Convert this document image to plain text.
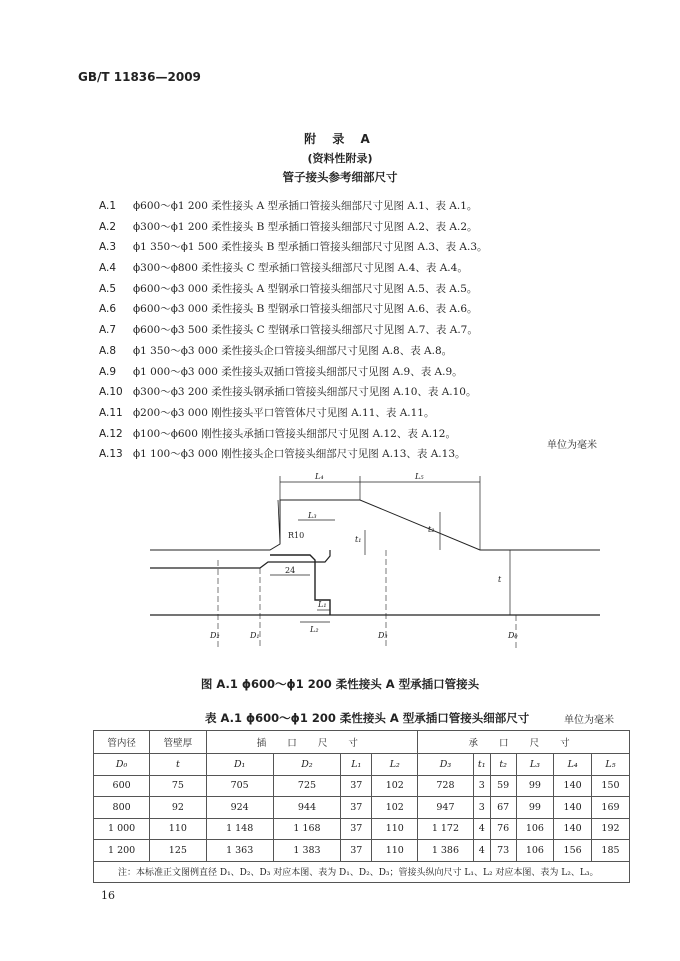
GB/T 11836—2009
附 录 A
(资料性附录)
管子接头参考细部尺寸
A.1 ϕ600～ϕ1 200 柔性接头 A 型承插口管接头细部尺寸见图 A.1、表 A.1。
A.2 ϕ300～ϕ1 200 柔性接头 B 型承插口管接头细部尺寸见图 A.2、表 A.2。
A.3 ϕ1 350～ϕ1 500 柔性接头 B 型承插口管接头细部尺寸见图 A.3、表 A.3。
A.4 ϕ300～ϕ800 柔性接头 C 型承插口管接头细部尺寸见图 A.4、表 A.4。
A.5 ϕ600～ϕ3 000 柔性接头 A 型钢承口管接头细部尺寸见图 A.5、表 A.5。
A.6 ϕ600～ϕ3 000 柔性接头 B 型钢承口管接头细部尺寸见图 A.6、表 A.6。
A.7 ϕ600～ϕ3 500 柔性接头 C 型钢承口管接头细部尺寸见图 A.7、表 A.7。
A.8 ϕ1 350～ϕ3 000 柔性接头企口管接头细部尺寸见图 A.8、表 A.8。
A.9 ϕ1 000～ϕ3 000 柔性接头双插口管接头细部尺寸见图 A.9、表 A.9。
A.10 ϕ300～ϕ3 200 柔性接头钢承插口管接头细部尺寸见图 A.10、表 A.10。
A.11 ϕ200～ϕ3 000 刚性接头平口管管体尺寸见图 A.11、表 A.11。
A.12 ϕ100～ϕ600 刚性接头承插口管接头细部尺寸见图 A.12、表 A.12。
A.13 ϕ1 100～ϕ3 000 刚性接头企口管接头细部尺寸见图 A.13、表 A.13。
单位为毫米
L₄	L₅
L₃
t₂
R10	t₁
24
t
L₁
L₂
D₂	D₁	D₃	D₀
图 A.1 ϕ600～ϕ1 200 柔性接头 A 型承插口管接头
表 A.1 ϕ600～ϕ1 200 柔性接头 A 型承插口管接头细部尺寸	单位为毫米
管内径	管壁厚	插 口 尺 寸				承 口 尺 寸					
D₀	t	D₁	D₂	L₁	L₂	D₃	t₁	t₂	L₃	L₄	L₅
600	75	705	725	37	102	728	3	59	99	140	150
800	92	924	944	37	102	947	3	67	99	140	169
1 000	110	1 148	1 168	37	110	1 172	4	76	106	140	192
1 200	125	1 363	1 383	37	110	1 386	4	73	106	156	185
注：本标准正文图例直径 D₁、D₂、D₃ 对应本图、表为 D₁、D₂、D₃；管接头纵向尺寸 L₁、L₂ 对应本图、表为 L₂、L₃。											
16
